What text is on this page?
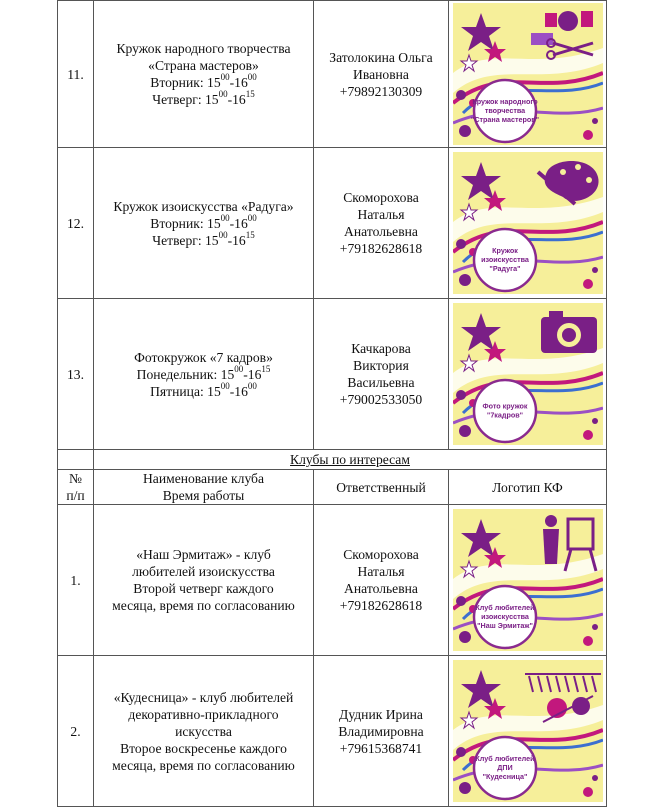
11.	Кружок народного творчества
«Страна мастеров»
Вторник: $15^{00}-16^{00}$
Четверг: $15^{00}-16^{15}$	Затолокина Ольга
Ивановна
+79892130309	Кружок народного творчества "Страна мастеров"

12.	Кружок изоискусства «Радуга»
Вторник: $15^{00}-16^{00}$
Четверг: $15^{00}-16^{15}$	Скоморохова
Наталья
Анатольевна
+79182628618	Кружок изоискусства "Радуга"

13.	Фотокружок «7 кадров»
Понедельник: $15^{00}-16^{15}$
Пятница: $15^{00}-16^{00}$	Качкарова
Виктория
Васильевна
+79002533050	Фото кружок "7кадров"

	Клубы по интересам		

№
п/п	Наименование клуба
Время работы	Ответственный	Логотип КФ
1.	«Наш Эрмитаж» - клуб
любителей изоискусства
Второй четверг каждого
месяца, время по согласованию	Скоморохова
Наталья
Анатольевна
+79182628618	Клуб любителей изоискусства "Наш Эрмитаж"

2.	«Кудесница» - клуб любителей
декоративно-прикладного
искусства
Второе воскресенье каждого
месяца, время по согласованию	Дудник Ирина
Владимировна
+79615368741	Клуб любителей ДПИ "Кудесница"
